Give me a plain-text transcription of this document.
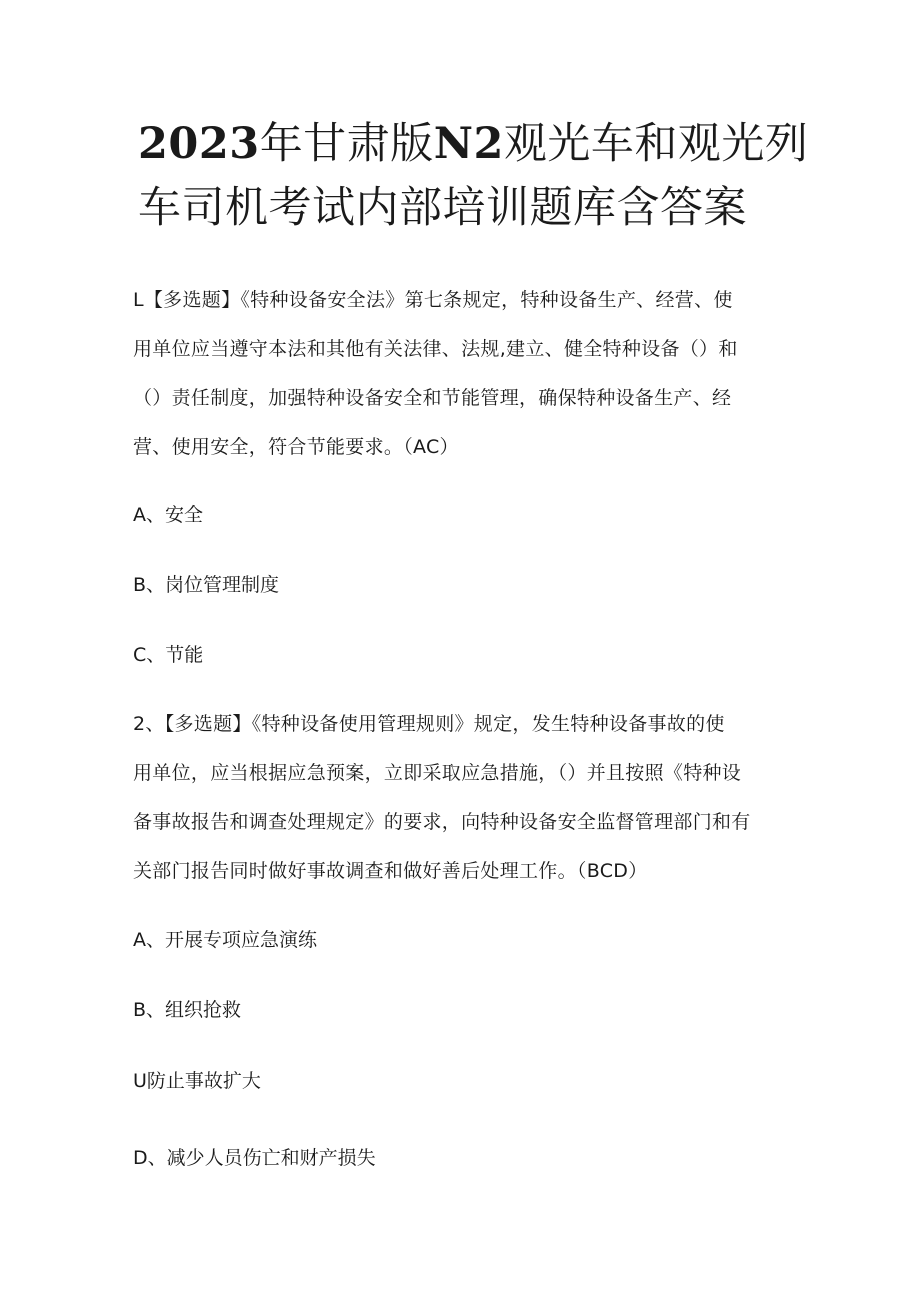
2023年甘肃版N2观光车和观光列
车司机考试内部培训题库含答案
L【多选题】《特种设备安全法》第七条规定，特种设备生产、经营、使
用单位应当遵守本法和其他有关法律、法规,建立、健全特种设备（）和
（）责任制度，加强特种设备安全和节能管理，确保特种设备生产、经
营、使用安全，符合节能要求。（AC）
A、安全
B、岗位管理制度
C、节能
2、【多选题】《特种设备使用管理规则》规定，发生特种设备事故的使
用单位，应当根据应急预案，立即采取应急措施，（）并且按照《特种设
备事故报告和调查处理规定》的要求，向特种设备安全监督管理部门和有
关部门报告同时做好事故调查和做好善后处理工作。（BCD）
A、开展专项应急演练
B、组织抢救
U防止事故扩大
D、减少人员伤亡和财产损失
